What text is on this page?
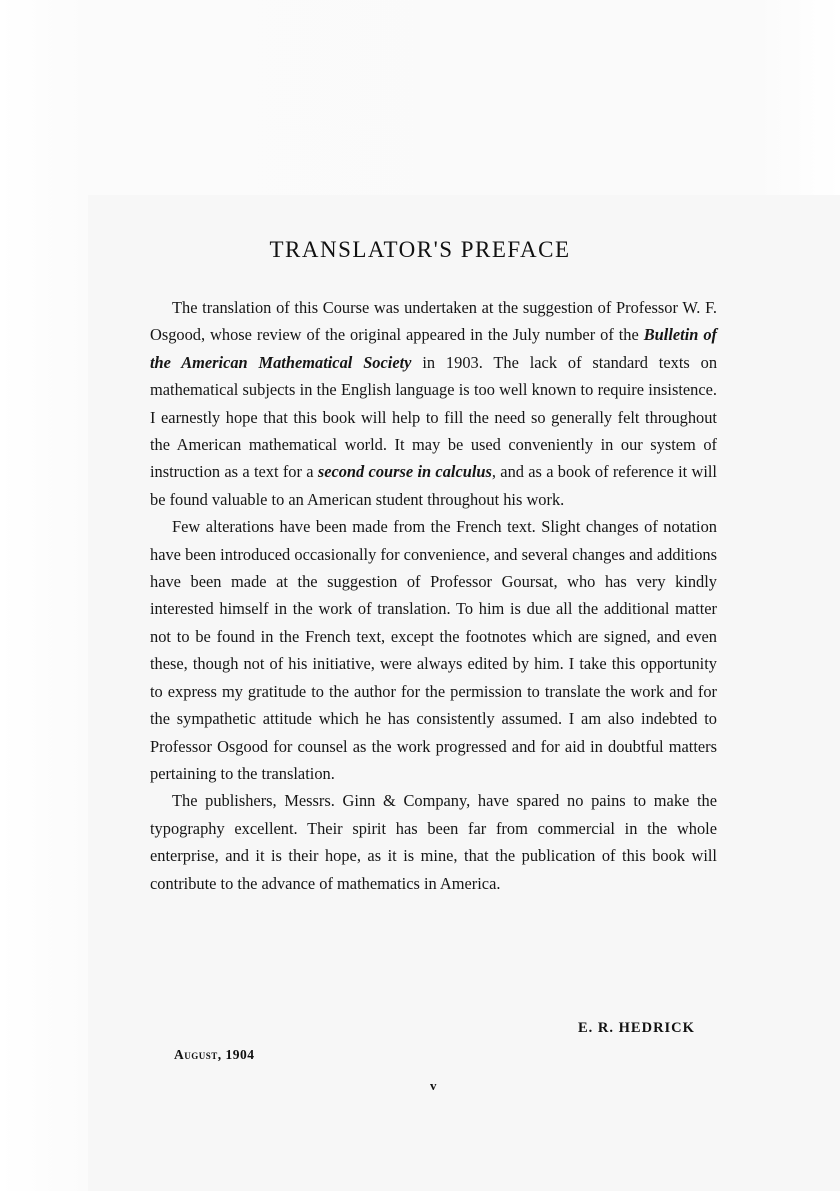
TRANSLATOR'S PREFACE

The translation of this Course was undertaken at the suggestion of Professor W. F. Osgood, whose review of the original appeared in the July number of the Bulletin of the American Mathematical Society in 1903. The lack of standard texts on mathematical subjects in the English language is too well known to require insistence. I earnestly hope that this book will help to fill the need so generally felt throughout the American mathematical world. It may be used conveniently in our system of instruction as a text for a second course in calculus, and as a book of reference it will be found valuable to an American student throughout his work.

Few alterations have been made from the French text. Slight changes of notation have been introduced occasionally for convenience, and several changes and additions have been made at the suggestion of Professor Goursat, who has very kindly interested himself in the work of translation. To him is due all the additional matter not to be found in the French text, except the footnotes which are signed, and even these, though not of his initiative, were always edited by him. I take this opportunity to express my gratitude to the author for the permission to translate the work and for the sympathetic attitude which he has consistently assumed. I am also indebted to Professor Osgood for counsel as the work progressed and for aid in doubtful matters pertaining to the translation.

The publishers, Messrs. Ginn & Company, have spared no pains to make the typography excellent. Their spirit has been far from commercial in the whole enterprise, and it is their hope, as it is mine, that the publication of this book will contribute to the advance of mathematics in America.

E. R. HEDRICK
August, 1904
v
